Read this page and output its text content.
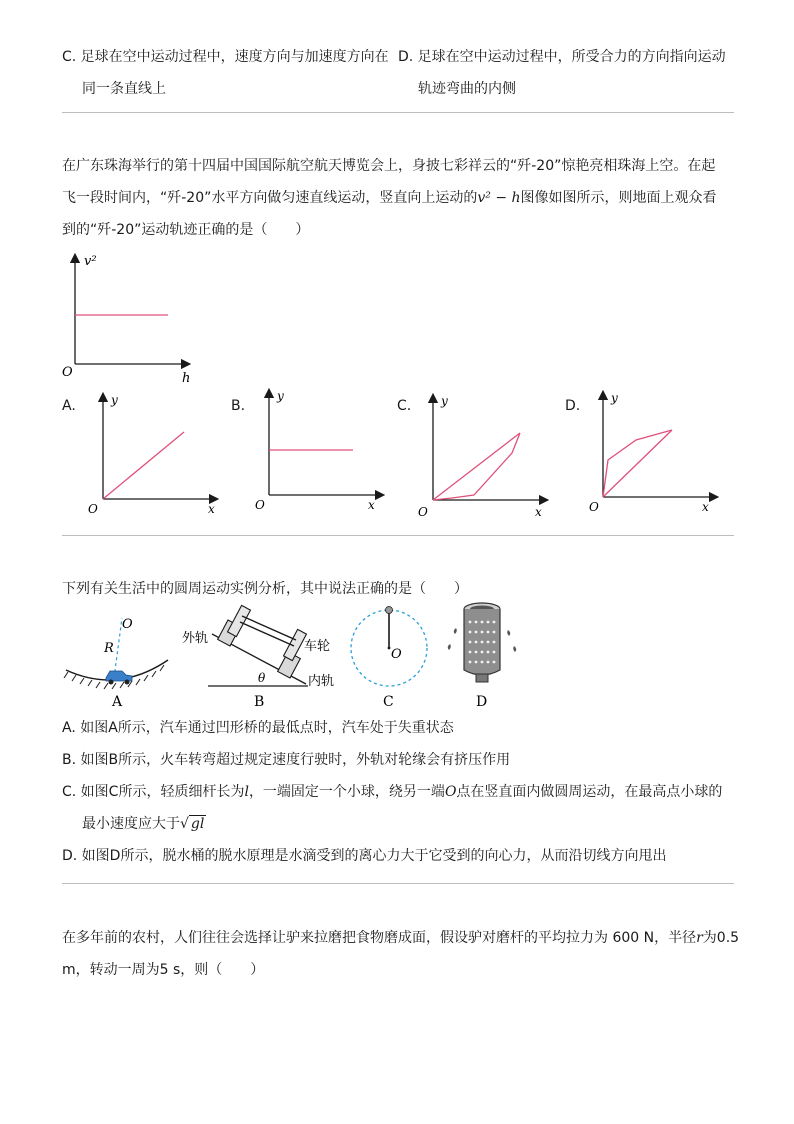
C. 足球在空中运动过程中，速度方向与加速度方向在
同一条直线上
D. 足球在空中运动过程中，所受合力的方向指向运动
轨迹弯曲的内侧
在广东珠海举行的第十四届中国国际航空航天博览会上，身披七彩祥云的“歼-20”惊艳亮相珠海上空。在起
飞一段时间内，“歼-20”水平方向做匀速直线运动，竖直向上运动的v² − h图像如图所示，则地面上观众看
到的“歼-20”运动轨迹正确的是（　　）
v²
h
O
A.	y
x
O
B.
y
x
O
C. y
x
O
D.	y
x
O
下列有关生活中的圆周运动实例分析，其中说法正确的是（　　）
O
R
A
外轨
车轮
内轨
θ
B
O
C	D
A. 如图A所示，汽车通过凹形桥的最低点时，汽车处于失重状态
B. 如图B所示，火车转弯超过规定速度行驶时，外轨对轮缘会有挤压作用
C. 如图C所示，轻质细杆长为l，一端固定一个小球，绕另一端O点在竖直面内做圆周运动，在最高点小球的
最小速度应大于√ gl
D. 如图D所示，脱水桶的脱水原理是水滴受到的离心力大于它受到的向心力，从而沿切线方向甩出
在多年前的农村，人们往往会选择让驴来拉磨把食物磨成面，假设驴对磨杆的平均拉力为 600 N，半径r为0.5
m，转动一周为5 s，则（　　）
